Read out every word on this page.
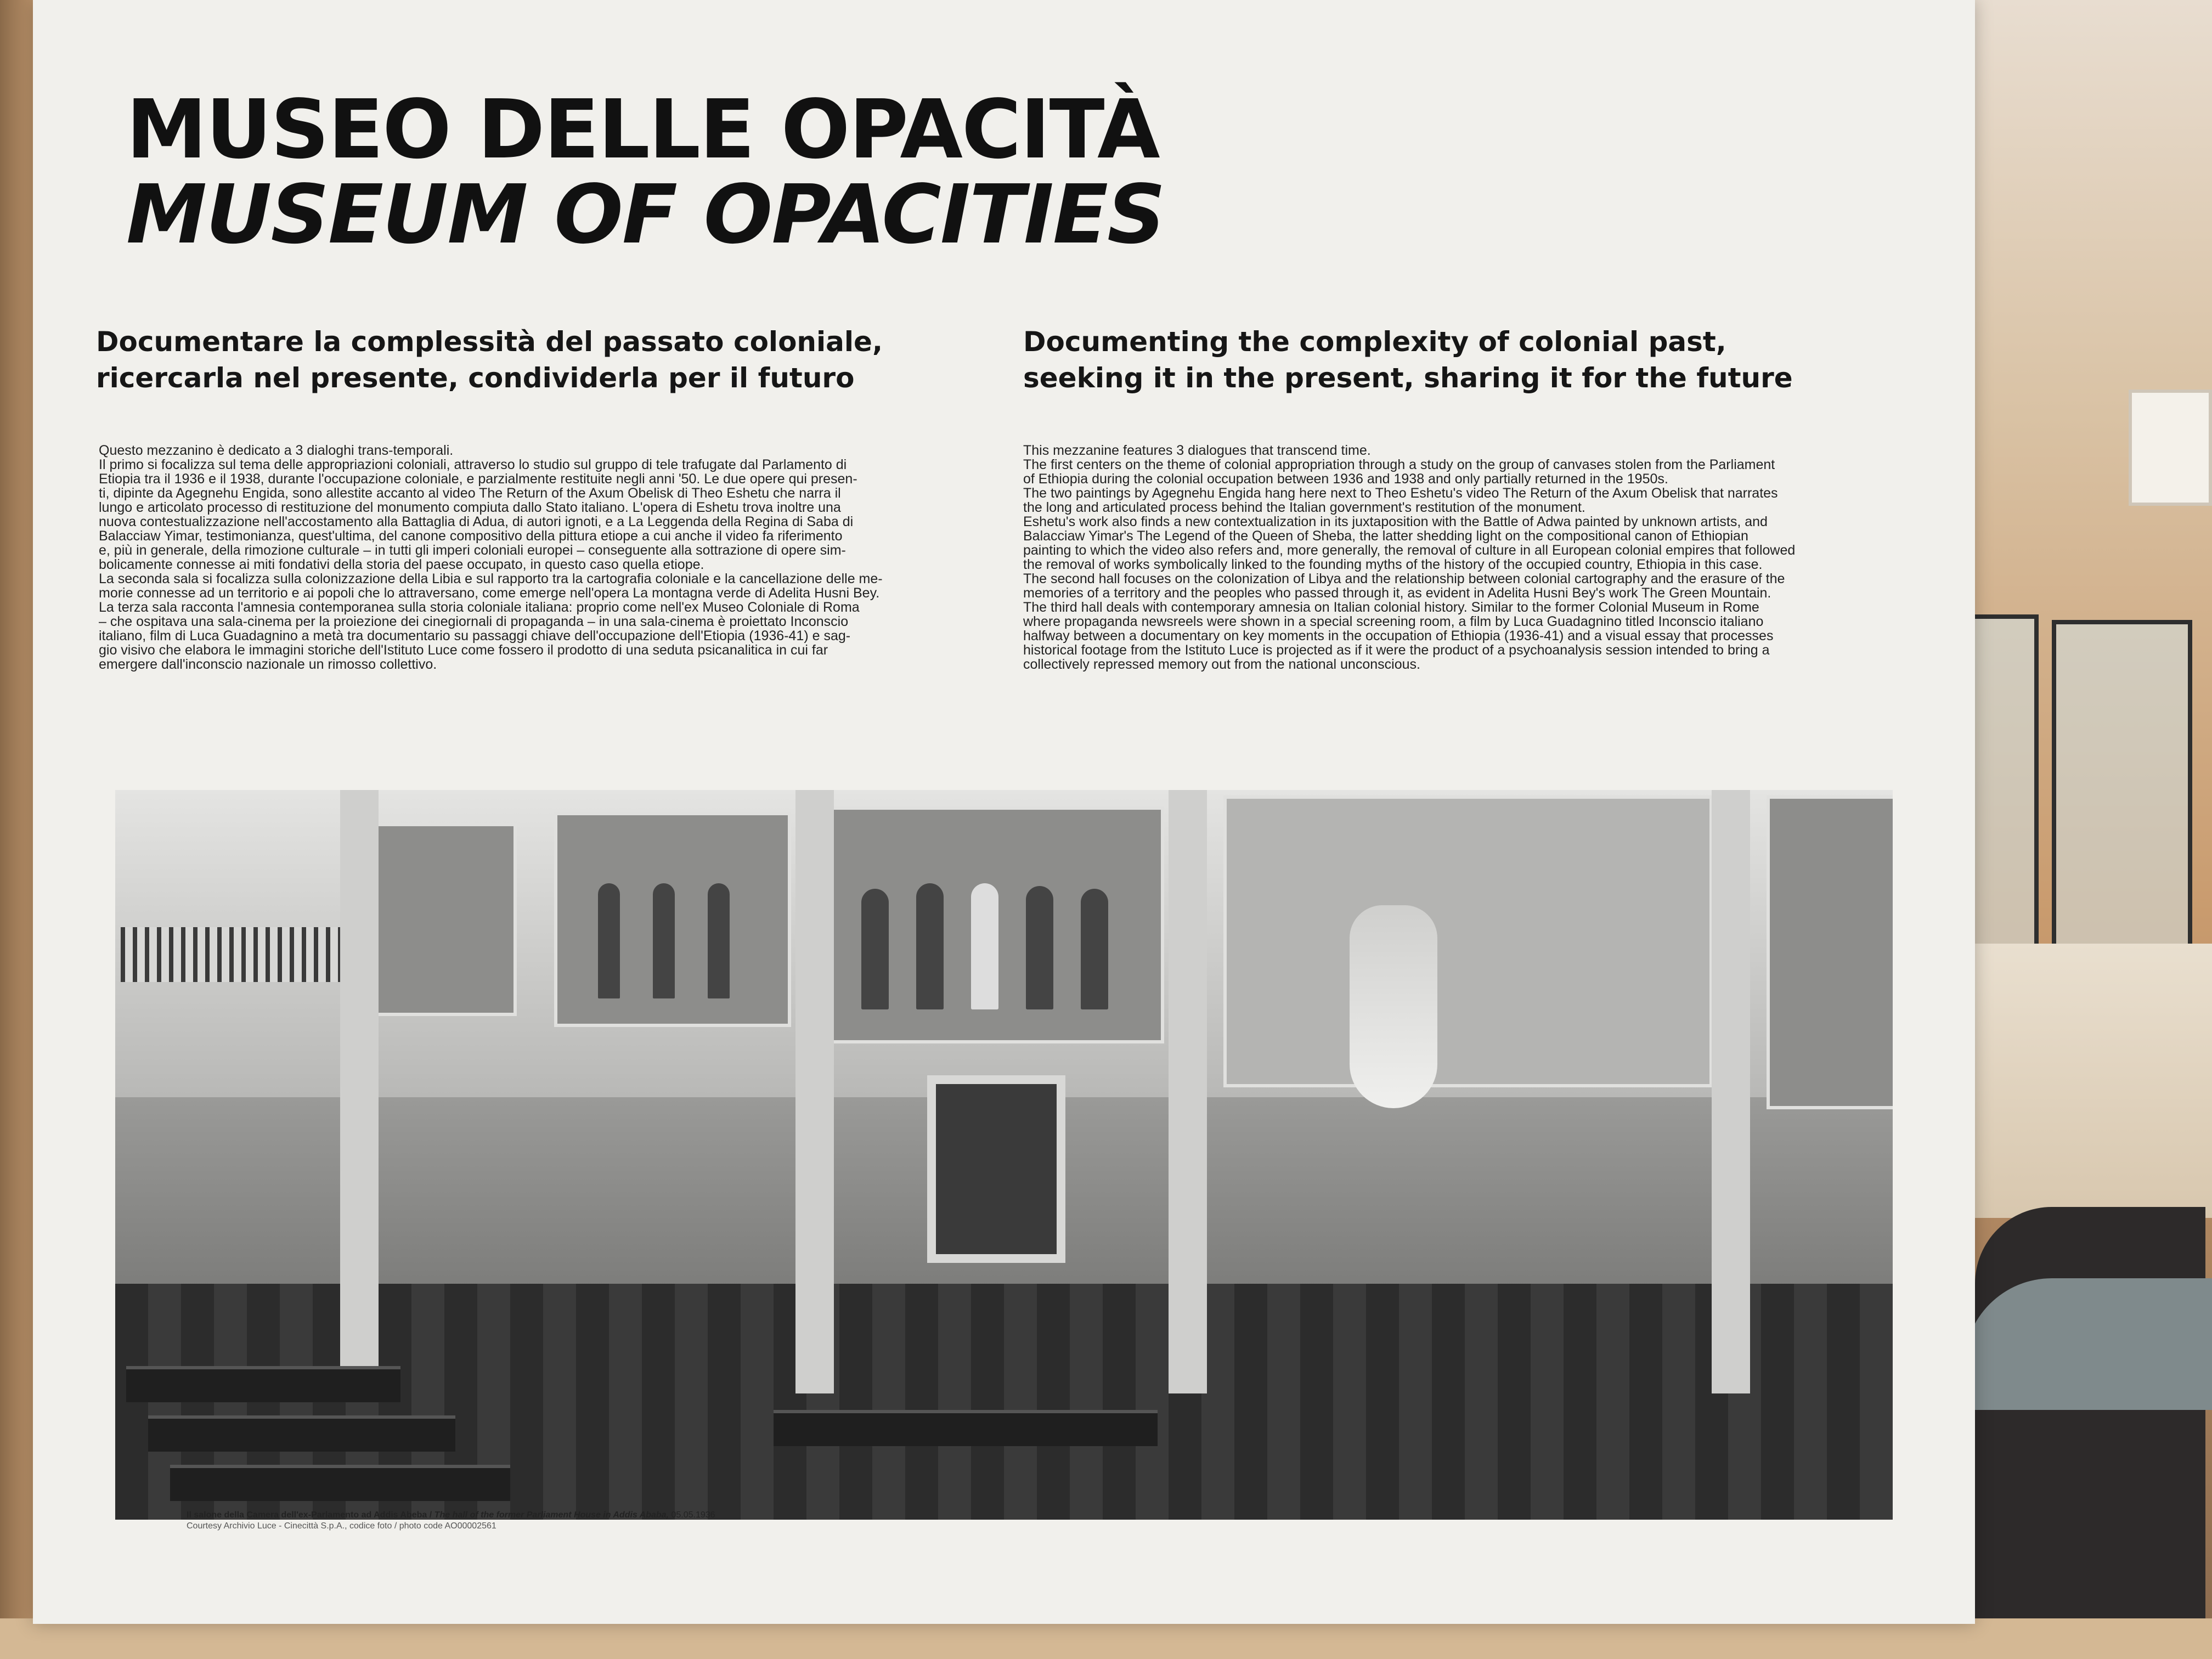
MUSEO DELLE OPACITÀ
MUSEUM OF OPACITIES
Documentare la complessità del passato coloniale,
ricercarla nel presente, condividerla per il futuro
Documenting the complexity of colonial past,
seeking it in the present, sharing it for the future

Questo mezzanino è dedicato a 3 dialoghi trans-temporali.

Il primo si focalizza sul tema delle appropriazioni coloniali, attraverso lo studio sul gruppo di tele trafugate dal Parlamento di

Etiopia tra il 1936 e il 1938, durante l'occupazione coloniale, e parzialmente restituite negli anni '50. Le due opere qui presen-

ti, dipinte da Agegnehu Engida, sono allestite accanto al video The Return of the Axum Obelisk di Theo Eshetu che narra il

lungo e articolato processo di restituzione del monumento compiuta dallo Stato italiano. L'opera di Eshetu trova inoltre una

nuova contestualizzazione nell'accostamento alla Battaglia di Adua, di autori ignoti, e a La Leggenda della Regina di Saba di

Balacciaw Yimar, testimonianza, quest'ultima, del canone compositivo della pittura etiope a cui anche il video fa riferimento

e, più in generale, della rimozione culturale – in tutti gli imperi coloniali europei – conseguente alla sottrazione di opere sim-

bolicamente connesse ai miti fondativi della storia del paese occupato, in questo caso quella etiope.

La seconda sala si focalizza sulla colonizzazione della Libia e sul rapporto tra la cartografia coloniale e la cancellazione delle me-

morie connesse ad un territorio e ai popoli che lo attraversano, come emerge nell'opera La montagna verde di Adelita Husni Bey.

La terza sala racconta l'amnesia contemporanea sulla storia coloniale italiana: proprio come nell'ex Museo Coloniale di Roma

– che ospitava una sala-cinema per la proiezione dei cinegiornali di propaganda – in una sala-cinema è proiettato Inconscio

italiano, film di Luca Guadagnino a metà tra documentario su passaggi chiave dell'occupazione dell'Etiopia (1936-41) e sag-

gio visivo che elabora le immagini storiche dell'Istituto Luce come fossero il prodotto di una seduta psicanalitica in cui far

emergere dall'inconscio nazionale un rimosso collettivo.

This mezzanine features 3 dialogues that transcend time.

The first centers on the theme of colonial appropriation through a study on the group of canvases stolen from the Parliament

of Ethiopia during the colonial occupation between 1936 and 1938 and only partially returned in the 1950s.

The two paintings by Agegnehu Engida hang here next to Theo Eshetu's video The Return of the Axum Obelisk that narrates

the long and articulated process behind the Italian government's restitution of the monument.

Eshetu's work also finds a new contextualization in its juxtaposition with the Battle of Adwa painted by unknown artists, and

Balacciaw Yimar's The Legend of the Queen of Sheba, the latter shedding light on the compositional canon of Ethiopian

painting to which the video also refers and, more generally, the removal of culture in all European colonial empires that followed

the removal of works symbolically linked to the founding myths of the history of the occupied country, Ethiopia in this case.

The second hall focuses on the colonization of Libya and the relationship between colonial cartography and the erasure of the

memories of a territory and the peoples who passed through it, as evident in Adelita Husni Bey's work The Green Mountain.

The third hall deals with contemporary amnesia on Italian colonial history. Similar to the former Colonial Museum in Rome

where propaganda newsreels were shown in a special screening room, a film by Luca Guadagnino titled Inconscio italiano

halfway between a documentary on key moments in the occupation of Ethiopia (1936-41) and a visual essay that processes

historical footage from the Istituto Luce is projected as if it were the product of a psychoanalysis session intended to bring a

collectively repressed memory out from the national unconscious.

Il salone della Camera dell'ex-Parlamento ad Addis Abeba / The hall of the former Parliament House in Addis Ababa, 05.05.1936

Courtesy Archivio Luce - Cinecittà S.p.A., codice foto / photo code AO00002561
